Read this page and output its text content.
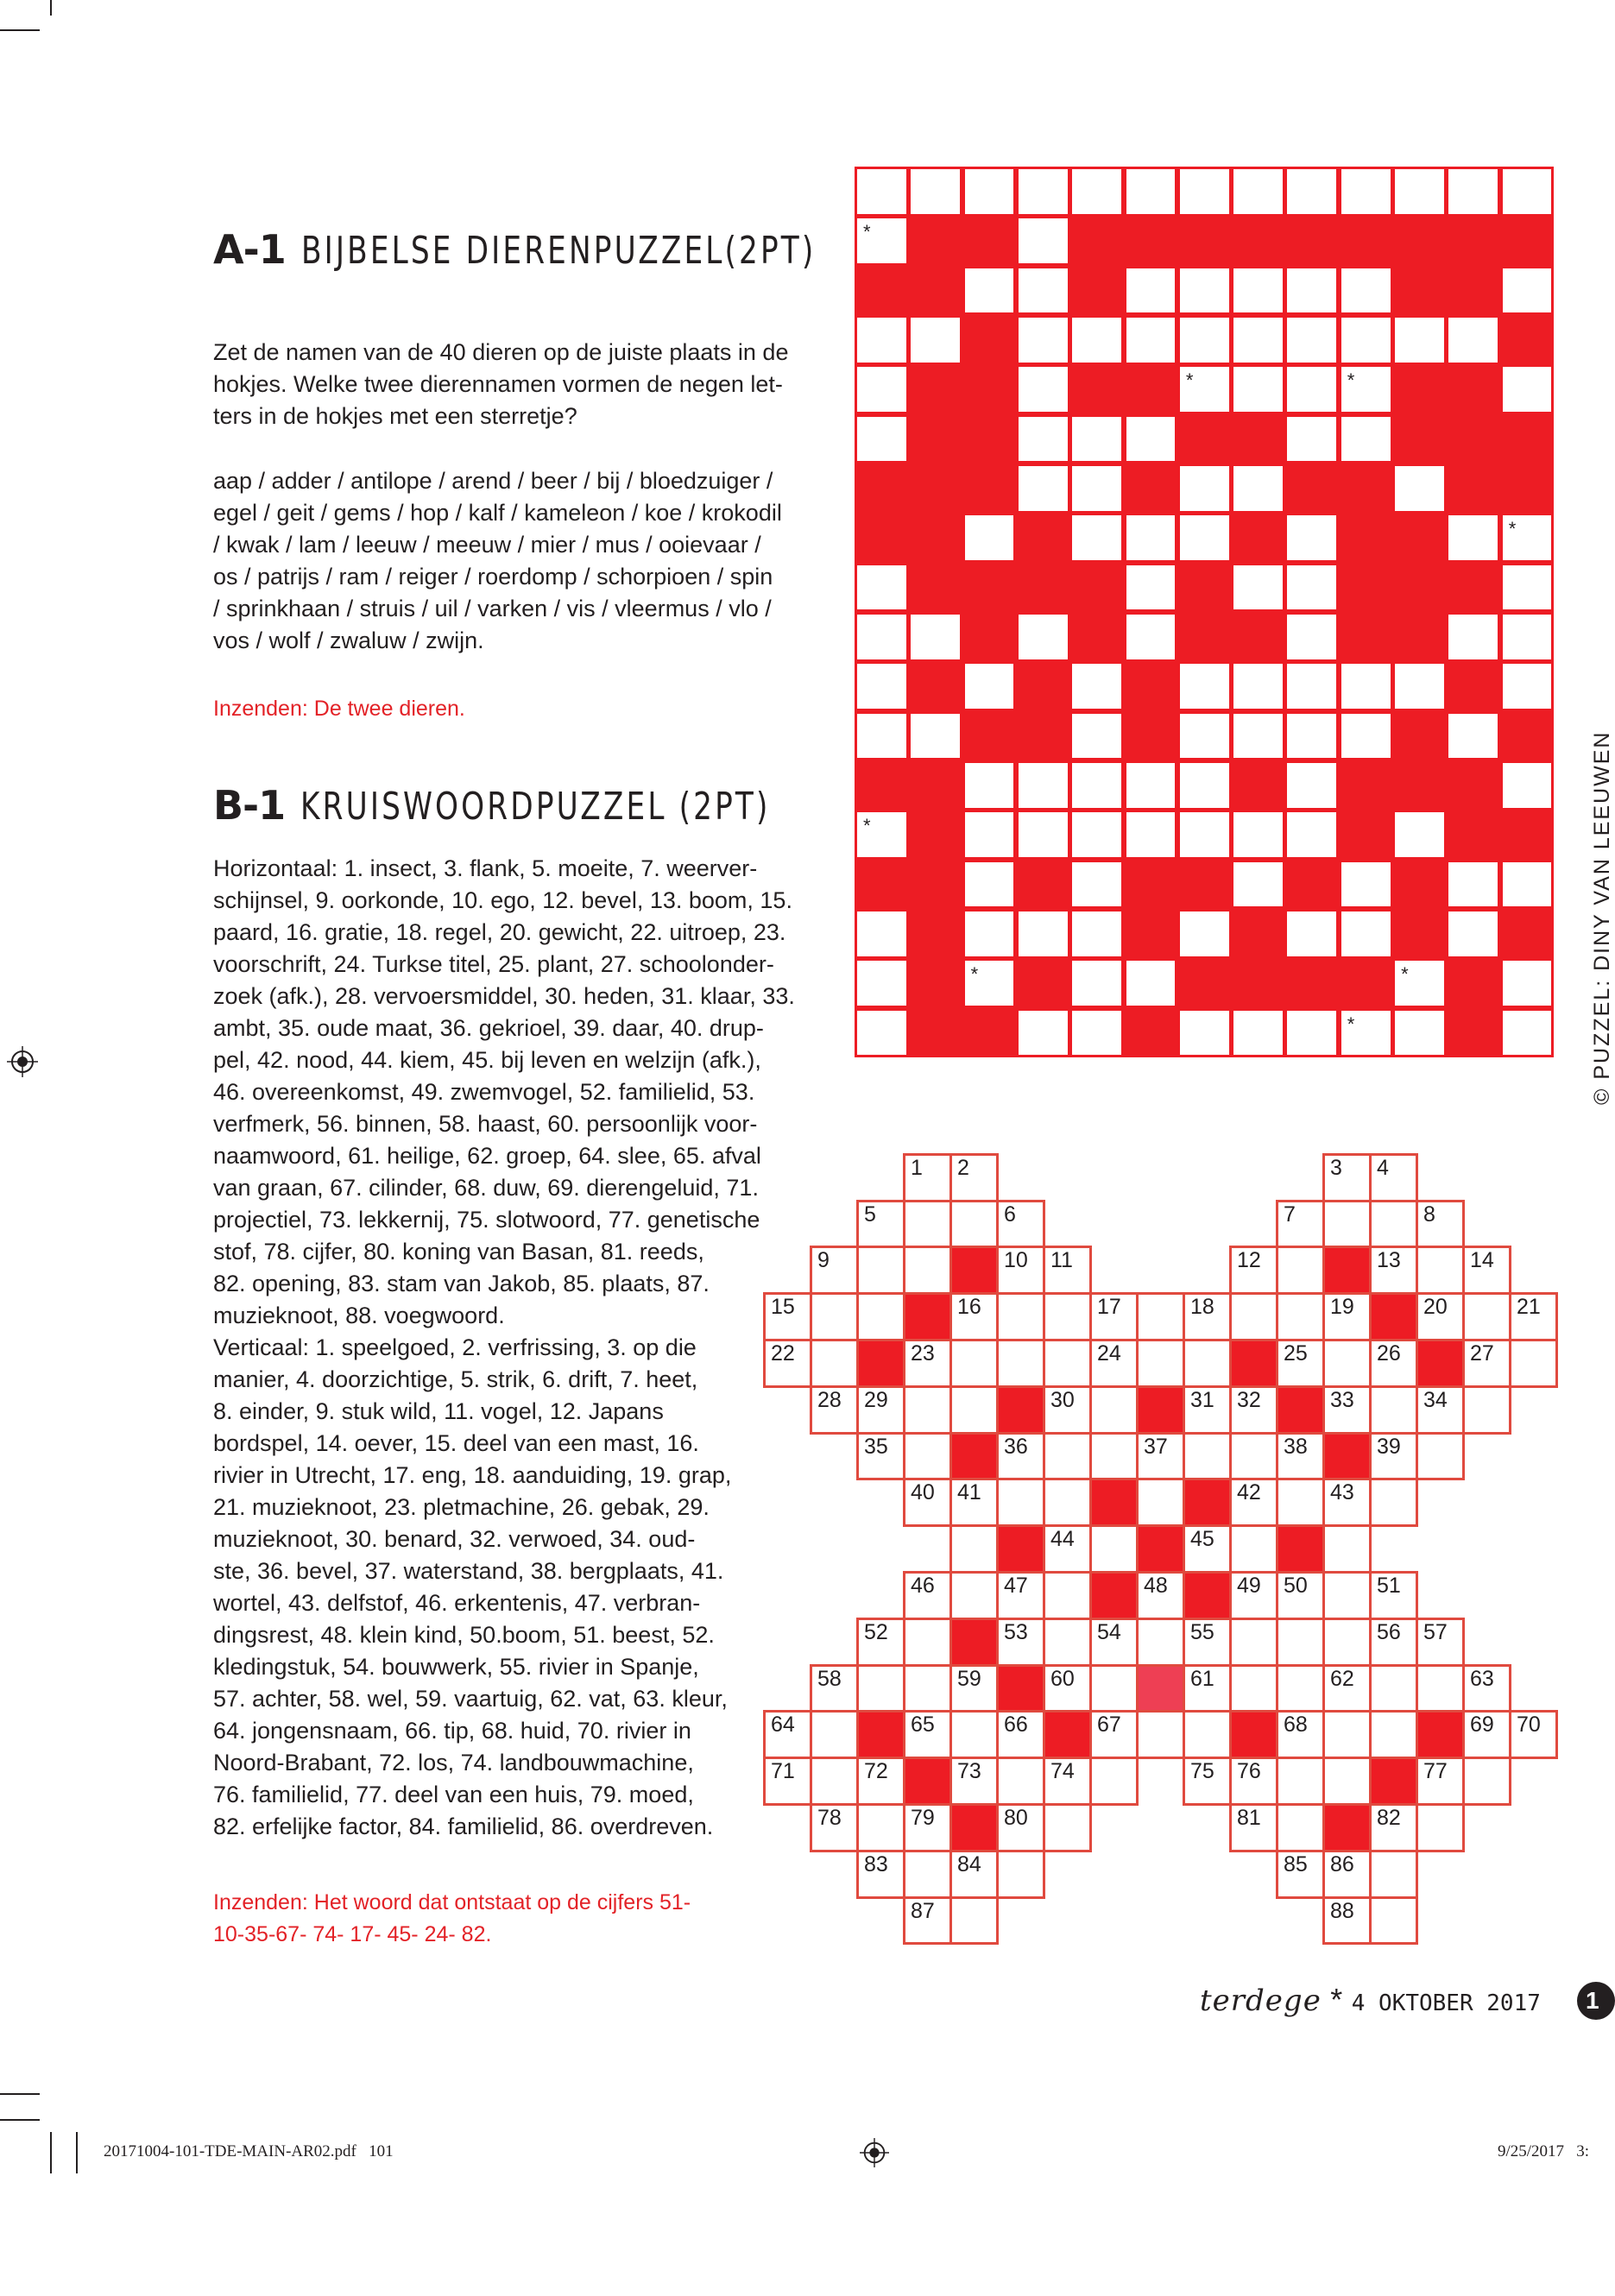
A-1 BIJBELSE DIERENPUZZEL(2PT)
Zet de namen van de 40 dieren op de juiste plaats in de
hokjes. Welke twee dierennamen vormen de negen let-
ters in de hokjes met een sterretje?
aap / adder / antilope / arend / beer / bij / bloedzuiger /
egel / geit / gems / hop / kalf / kameleon / koe / krokodil
/ kwak / lam / leeuw / meeuw / mier / mus / ooievaar /
os / patrijs / ram / reiger / roerdomp / schorpioen / spin
/ sprinkhaan / struis / uil / varken / vis / vleermus / vlo /
vos / wolf / zwaluw / zwijn.
Inzenden: De twee dieren.
B-1 KRUISWOORDPUZZEL (2PT)
Horizontaal: 1. insect, 3. flank, 5. moeite, 7. weerver-
schijnsel, 9. oorkonde, 10. ego, 12. bevel, 13. boom, 15.
paard, 16. gratie, 18. regel, 20. gewicht, 22. uitroep, 23.
voorschrift, 24. Turkse titel, 25. plant, 27. schoolonder-
zoek (afk.), 28. vervoersmiddel, 30. heden, 31. klaar, 33.
ambt, 35. oude maat, 36. gekrioel, 39. daar, 40. drup-
pel, 42. nood, 44. kiem, 45. bij leven en welzijn (afk.),
46. overeenkomst, 49. zwemvogel, 52. familielid, 53.
verfmerk, 56. binnen, 58. haast, 60. persoonlijk voor-
naamwoord, 61. heilige, 62. groep, 64. slee, 65. afval
van graan, 67. cilinder, 68. duw, 69. dierengeluid, 71.
projectiel, 73. lekkernij, 75. slotwoord, 77. genetische
stof, 78. cijfer, 80. koning van Basan, 81. reeds,
82. opening, 83. stam van Jakob, 85. plaats, 87.
muzieknoot, 88. voegwoord.
Verticaal: 1. speelgoed, 2. verfrissing, 3. op die
manier, 4. doorzichtige, 5. strik, 6. drift, 7. heet,
8. einder, 9. stuk wild, 11. vogel, 12. Japans
bordspel, 14. oever, 15. deel van een mast, 16.
rivier in Utrecht, 17. eng, 18. aanduiding, 19. grap,
21. muzieknoot, 23. pletmachine, 26. gebak, 29.
muzieknoot, 30. benard, 32. verwoed, 34. oud-
ste, 36. bevel, 37. waterstand, 38. bergplaats, 41.
wortel, 43. delfstof, 46. erkentenis, 47. verbran-
dingsrest, 48. klein kind, 50.boom, 51. beest, 52.
kledingstuk, 54. bouwwerk, 55. rivier in Spanje,
57. achter, 58. wel, 59. vaartuig, 62. vat, 63. kleur,
64. jongensnaam, 66. tip, 68. huid, 70. rivier in
Noord-Brabant, 72. los, 74. landbouwmachine,
76. familielid, 77. deel van een huis, 79. moed,
82. erfelijke factor, 84. familielid, 86. overdreven.
Inzenden: Het woord dat ontstaat op de cijfers 51-
10-35-67- 74- 17- 45- 24- 82.
© PUZZEL: DINY VAN LEEUWEN
*
*	*
*
*
*	*
*
1 2	3 4
5	6	7	8
9	10 11	12	13	14
15	16	17	18	19	20	21
22	23	24	25	26	27
28 29	30	31 32	33	34
35	36	37	38	39
40 41	42	43
44	45
46	47	48	49 50	51
52	53	54	55	56 57
58	59	60	61	62	63
64	65	66	67	68	69 70
71	72	73	74	75 76	77
78	79	80	81	82
83	84	85 86
87	88
terdege * 4 OKTOBER 2017	1
20171004-101-TDE-MAIN-AR02.pdf   101	9/25/2017   3:
